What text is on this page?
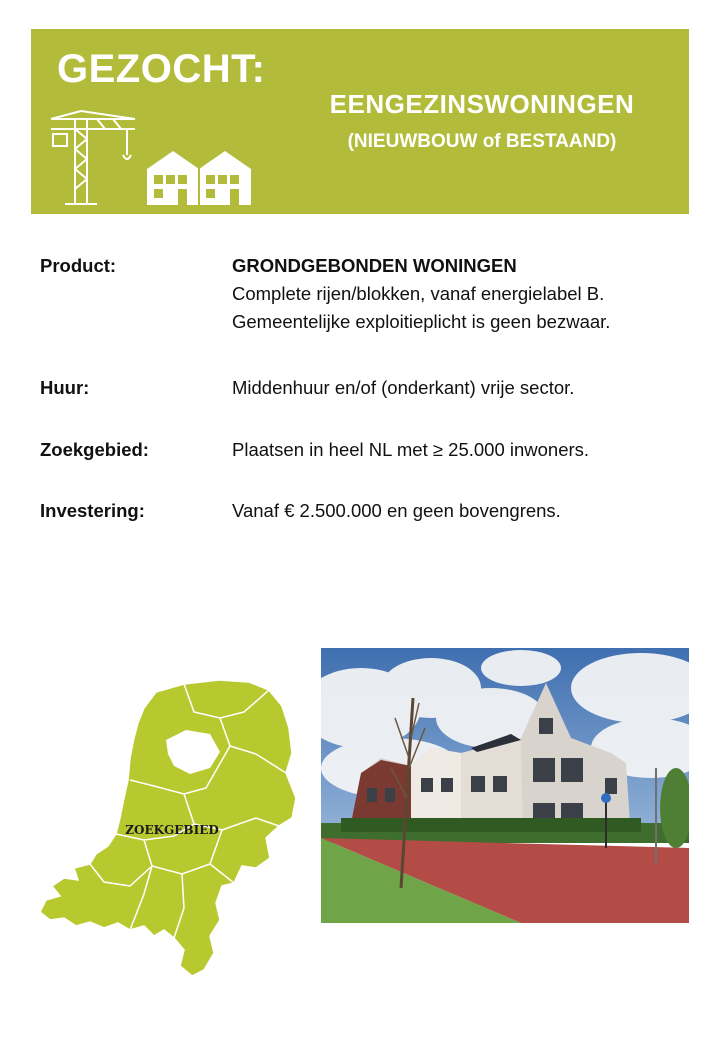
GEZOCHT:
EENGEZINSWONINGEN
(NIEUWBOUW of BESTAAND)
Product:	GRONDGEBONDEN WONINGEN
Complete rijen/blokken, vanaf energielabel B.
Gemeentelijke exploitieplicht is geen bezwaar.
Huur:	Middenhuur en/of (onderkant) vrije sector.
Zoekgebied:	Plaatsen in heel NL met ≥ 25.000 inwoners.
Investering:	Vanaf € 2.500.000 en geen bovengrens.
ZOEKGEBIED
